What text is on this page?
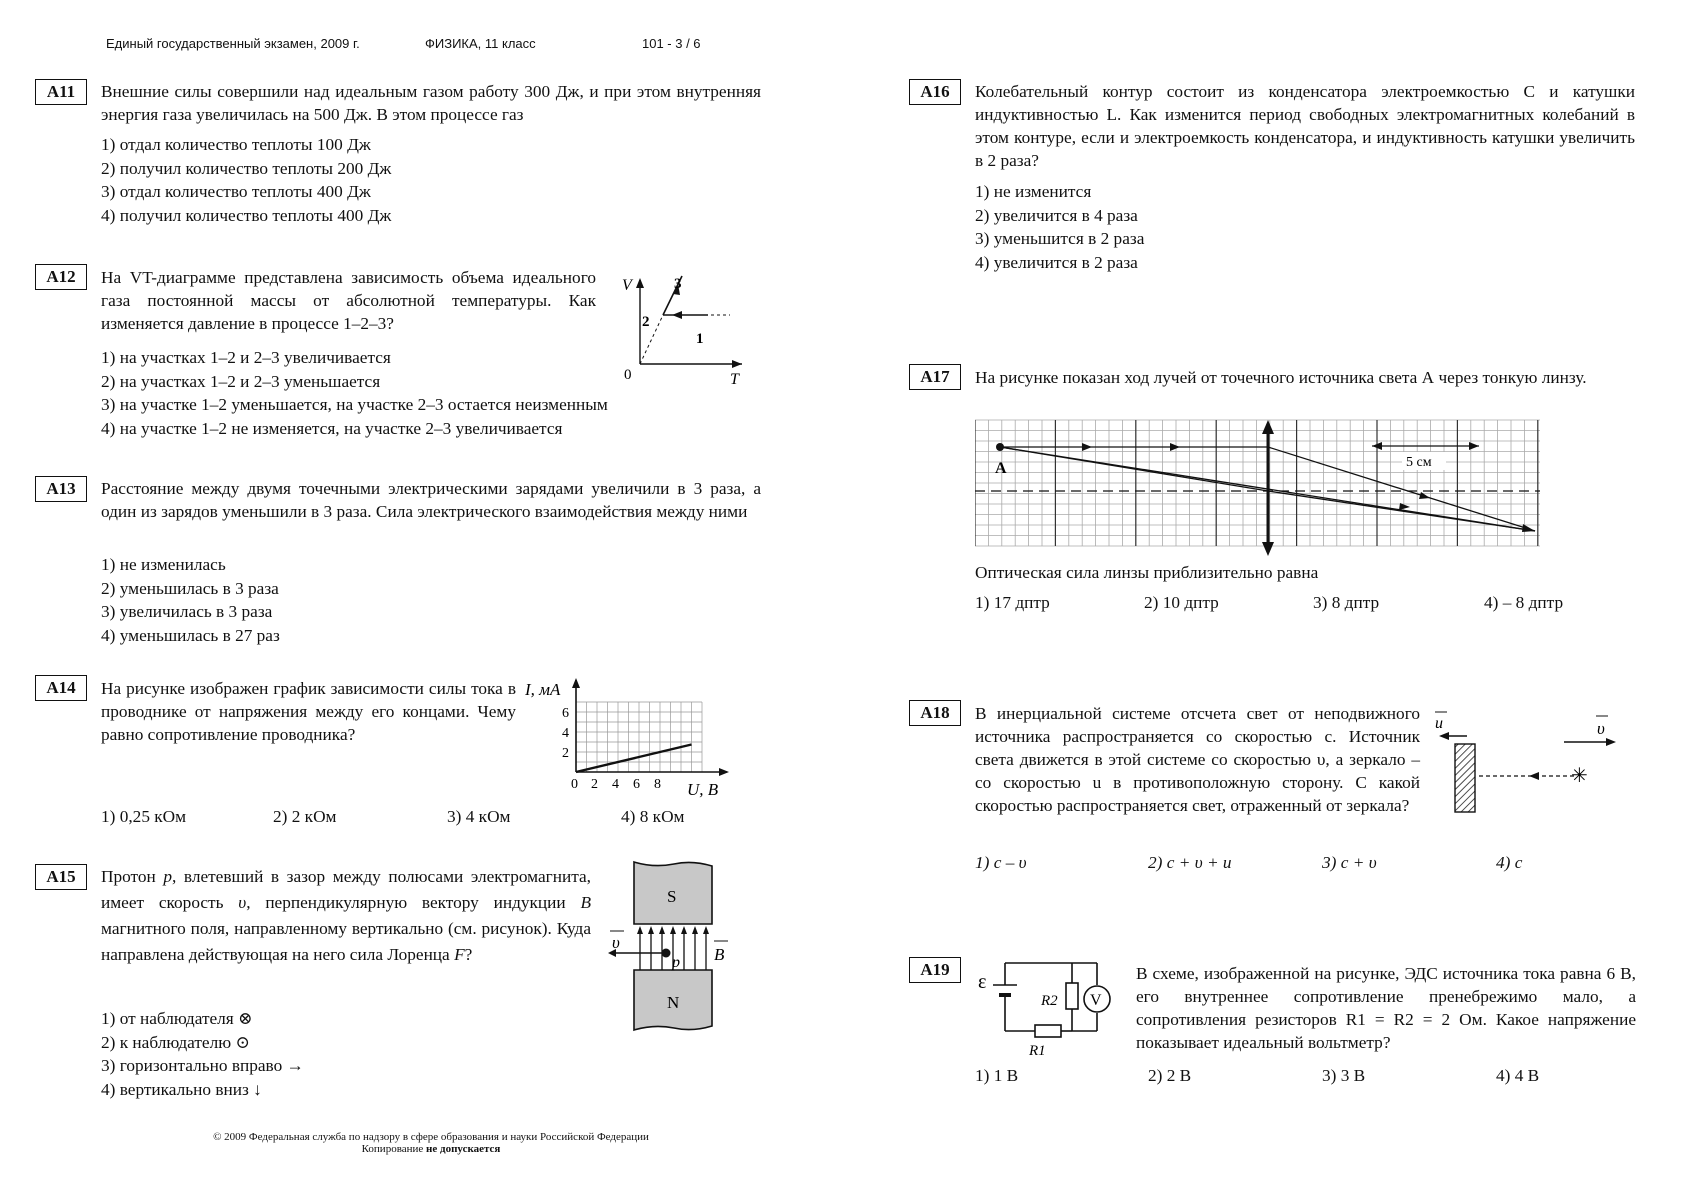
Единый государственный экзамен, 2009 г.	ФИЗИКА, 11 класс	101 - 3 / 6
A11	Внешние силы совершили над идеальным газом работу 300 Дж, и при этом внутренняя энергия газа увеличилась на 500 Дж. В этом процессе газ
1) отдал количество теплоты 100 Дж
2) получил количество теплоты 200 Дж
3) отдал количество теплоты 400 Дж
4) получил количество теплоты 400 Дж
A12	На VT-диаграмме представлена зависимость объема идеального газа постоянной массы от абсолютной температуры. Как изменяется давление в процессе 1–2–3?
V
T
0
1
2
3
1) на участках 1–2 и 2–3 увеличивается
2) на участках 1–2 и 2–3 уменьшается
3) на участке 1–2 уменьшается, на участке 2–3 остается неизменным
4) на участке 1–2 не изменяется, на участке 2–3 увеличивается
A13	Расстояние между двумя точечными электрическими зарядами увеличили в 3 раза, а один из зарядов уменьшили в 3 раза. Сила электрического взаимодействия между ними
1) не изменилась
2) уменьшилась в 3 раза
3) увеличилась в 3 раза
4) уменьшилась в 27 раз
A14	На рисунке изображен график зависимости силы тока в проводнике от напряжения между его концами. Чему равно сопротивление проводника?
I, мА
U, В
2
4
6
0 2 4 6 8
1) 0,25 кОм	2) 2 кОм	3) 4 кОм	4) 8 кОм
A15	Протон p, влетевший в зазор между полюсами электромагнита, имеет скорость υ, перпендикулярную вектору индукции B магнитного поля, направленному вертикально (см. рисунок). Куда направлена действующая на него сила Лоренца F?
S
N
p
υ
B
1) от наблюдателя ⊗
2) к наблюдателю ⊙
3) горизонтально вправо →
4) вертикально вниз ↓
A16	Колебательный контур состоит из конденсатора электроемкостью C и катушки индуктивностью L. Как изменится период свободных электромагнитных колебаний в этом контуре, если и электроемкость конденсатора, и индуктивность катушки увеличить в 2 раза?
1) не изменится
2) увеличится в 4 раза
3) уменьшится в 2 раза
4) увеличится в 2 раза
A17	На рисунке показан ход лучей от точечного источника света А через тонкую линзу.
A	5 см
Оптическая сила линзы приблизительно равна
1) 17 дптр	2) 10 дптр	3) 8 дптр	4) – 8 дптр
A18	В инерциальной системе отсчета свет от неподвижного источника распространяется со скоростью c. Источник света движется в этой системе со скоростью υ, а зеркало – со скоростью u в противоположную сторону. С какой скоростью распространяется свет, отраженный от зеркала?
✳
u	υ
1) c – υ	2) c + υ + u	3) c + υ	4) c
A19
V
ε
R2
R1
В схеме, изображенной на рисунке, ЭДС источника тока равна 6 В, его внутреннее сопротивление пренебрежимо мало, а сопротивления резисторов R1 = R2 = 2 Ом. Какое напряжение показывает идеальный вольтметр?
1) 1 В	2) 2 В	3) 3 В	4) 4 В
© 2009 Федеральная служба по надзору в сфере образования и науки Российской Федерации
Копирование не допускается
